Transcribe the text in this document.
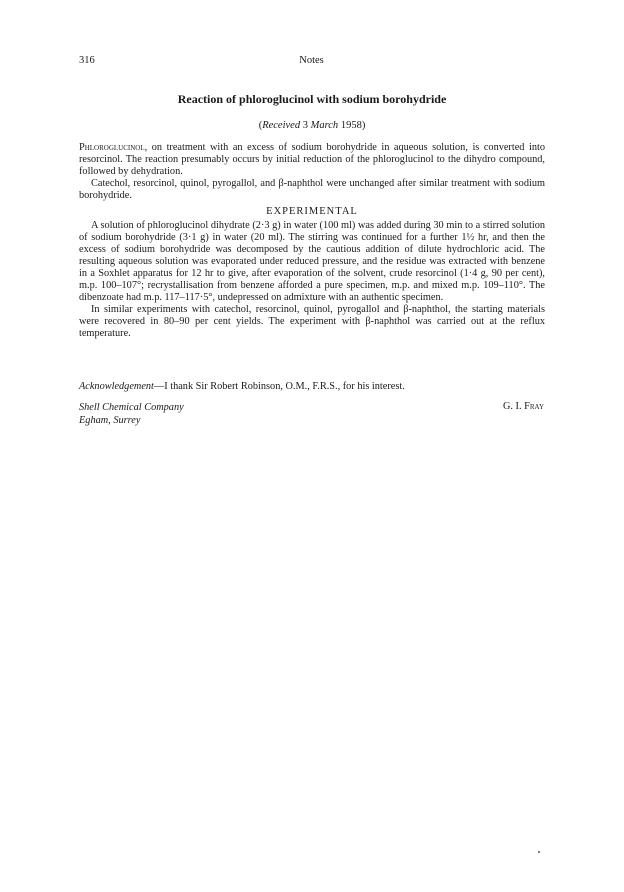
316	Notes
Reaction of phloroglucinol with sodium borohydride
(Received 3 March 1958)

Phloroglucinol, on treatment with an excess of sodium borohydride in aqueous solution, is converted into resorcinol. The reaction presumably occurs by initial reduction of the phloroglucinol to the dihydro compound, followed by dehydration.

Catechol, resorcinol, quinol, pyrogallol, and β-naphthol were unchanged after similar treatment with sodium borohydride.

EXPERIMENTAL

A solution of phloroglucinol dihydrate (2·3 g) in water (100 ml) was added during 30 min to a stirred solution of sodium borohydride (3·1 g) in water (20 ml). The stirring was continued for a further 1½ hr, and then the excess of sodium borohydride was decomposed by the cautious addition of dilute hydrochloric acid. The resulting aqueous solution was evaporated under reduced pressure, and the residue was extracted with benzene in a Soxhlet apparatus for 12 hr to give, after evaporation of the solvent, crude resorcinol (1·4 g, 90 per cent), m.p. 100–107°; recrystallisation from benzene afforded a pure specimen, m.p. and mixed m.p. 109–110°. The dibenzoate had m.p. 117–117·5°, undepressed on admixture with an authentic specimen.

In similar experiments with catechol, resorcinol, quinol, pyrogallol and β-naphthol, the starting materials were recovered in 80–90 per cent yields. The experiment with β-naphthol was carried out at the reflux temperature.

Acknowledgement—I thank Sir Robert Robinson, O.M., F.R.S., for his interest.
Shell Chemical Company
Egham, Surrey
G. I. Fray
